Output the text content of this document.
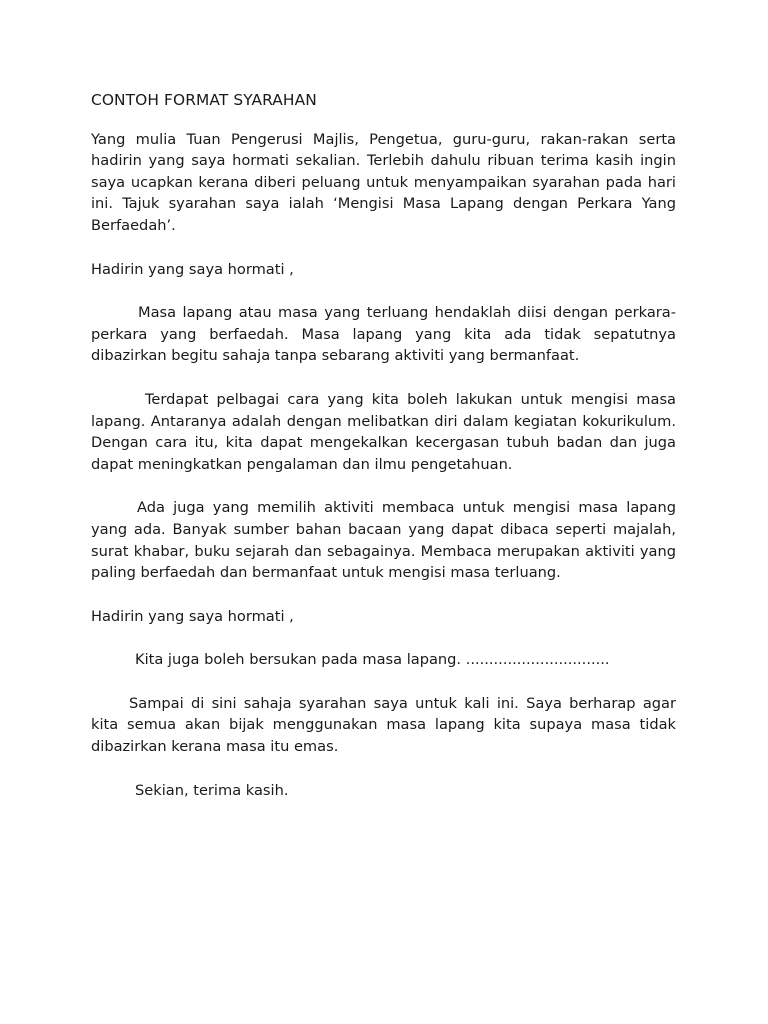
CONTOH FORMAT SYARAHAN

Yang mulia Tuan Pengerusi Majlis, Pengetua, guru-guru, rakan-rakan serta hadirin yang saya hormati sekalian. Terlebih dahulu ribuan terima kasih ingin saya ucapkan kerana diberi peluang untuk menyampaikan syarahan pada hari ini. Tajuk syarahan saya ialah ‘Mengisi Masa Lapang dengan Perkara Yang Berfaedah’.

Hadirin yang saya hormati ,

Masa lapang atau masa yang terluang hendaklah diisi dengan perkara-perkara yang berfaedah. Masa lapang yang kita ada tidak sepatutnya dibazirkan begitu sahaja tanpa sebarang aktiviti yang bermanfaat.

Terdapat pelbagai cara yang kita boleh lakukan untuk mengisi masa lapang. Antaranya adalah dengan melibatkan diri dalam kegiatan kokurikulum. Dengan cara itu, kita dapat mengekalkan kecergasan tubuh badan dan juga dapat meningkatkan pengalaman dan ilmu pengetahuan.

Ada juga yang memilih aktiviti membaca untuk mengisi masa lapang yang ada. Banyak sumber bahan bacaan yang dapat dibaca seperti majalah, surat khabar, buku sejarah dan sebagainya. Membaca merupakan aktiviti yang paling berfaedah dan bermanfaat untuk mengisi masa terluang.

Hadirin yang saya hormati ,

Kita juga boleh bersukan pada masa lapang. ...............................

Sampai di sini sahaja syarahan saya untuk kali ini. Saya berharap agar kita semua akan bijak menggunakan masa lapang kita supaya masa tidak dibazirkan kerana masa itu emas.

Sekian, terima kasih.
